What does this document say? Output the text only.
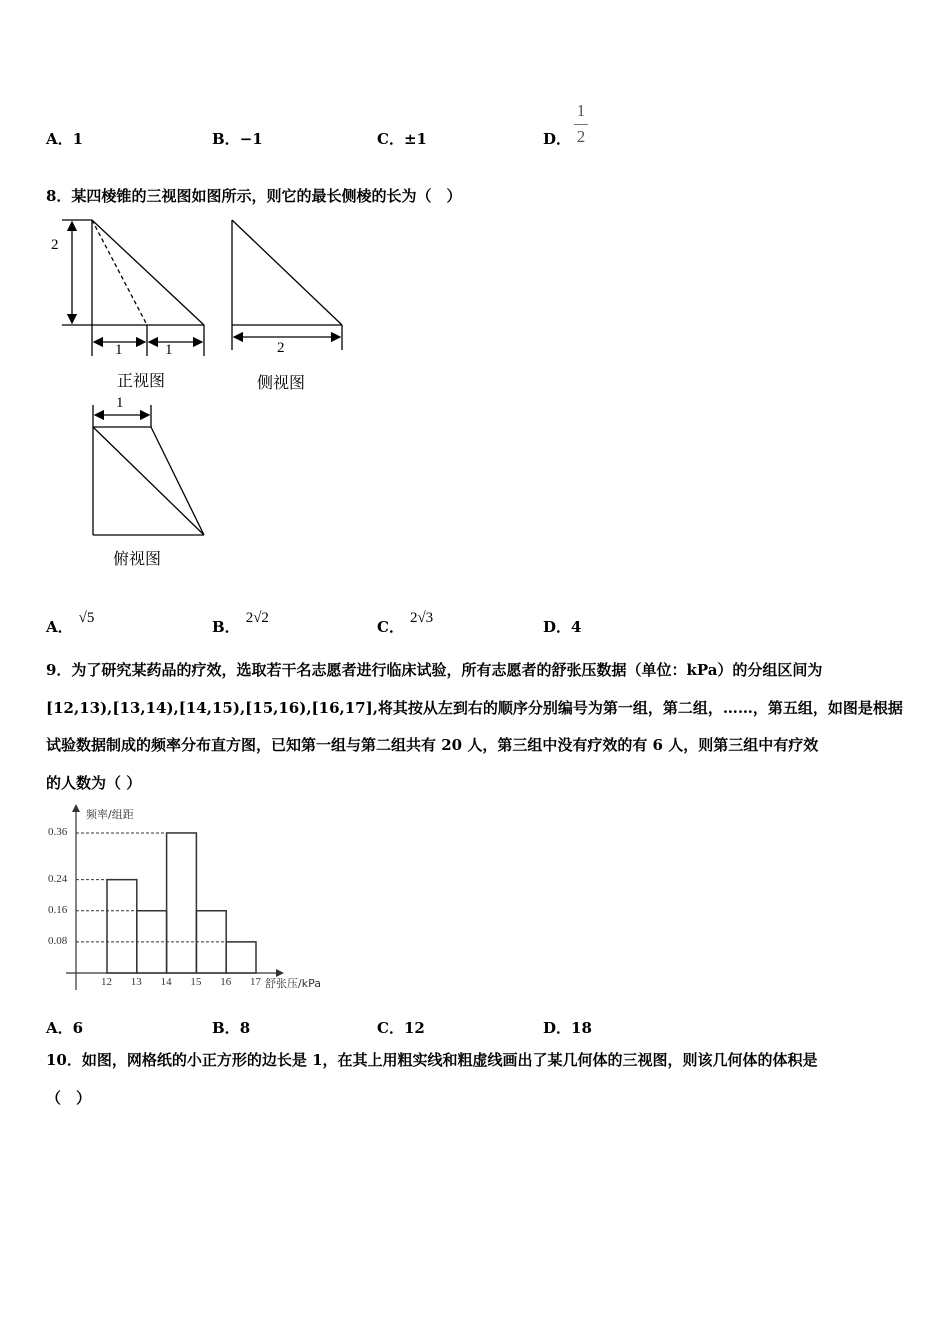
A．1	B．−1	C．±1	D．
1
2
8．某四棱锥的三视图如图所示，则它的最长侧棱的长为（　）
2
1	1
正视图
2
侧视图
1
俯视图
A． √5	B． 2√2	C． 2√3	D．4
9．为了研究某药品的疗效，选取若干名志愿者进行临床试验，所有志愿者的舒张压数据（单位：kPa）的分组区间为
[12,13),[13,14),[14,15),[15,16),[16,17],将其按从左到右的顺序分别编号为第一组，第二组，……，第五组，如图是根据
试验数据制成的频率分布直方图，已知第一组与第二组共有 20 人，第三组中没有疗效的有 6 人，则第三组中有疗效
的人数为（ ）
频率/组距
舒张压/kPa
0.36
0.24
0.16
0.08
12 13 14 15 16 17
A．6	B．8	C．12	D．18
10．如图，网格纸的小正方形的边长是 1，在其上用粗实线和粗虚线画出了某几何体的三视图，则该几何体的体积是
（　）
